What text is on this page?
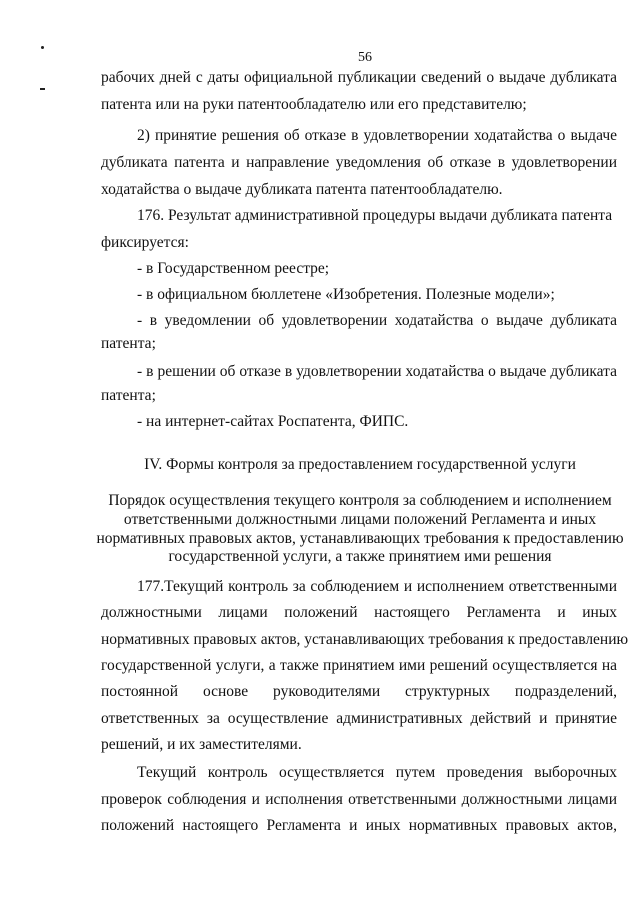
56
рабочих дней с даты официальной публикации сведений о выдаче дубликата
патента или на руки патентообладателю или его представителю;
2) принятие решения об отказе в удовлетворении ходатайства о выдаче
дубликата патента и направление уведомления об отказе в удовлетворении
ходатайства о выдаче дубликата патента патентообладателю.
176. Результат административной процедуры выдачи дубликата патента
фиксируется:
- в Государственном реестре;
- в официальном бюллетене «Изобретения. Полезные модели»;
- в уведомлении об удовлетворении ходатайства о выдаче дубликата
патента;
- в решении об отказе в удовлетворении ходатайства о выдаче дубликата
патента;
- на интернет-сайтах Роспатента, ФИПС.
IV. Формы контроля за предоставлением государственной услуги
Порядок осуществления текущего контроля за соблюдением и исполнением
ответственными должностными лицами положений Регламента и иных
нормативных правовых актов, устанавливающих требования к предоставлению
государственной услуги, а также принятием ими решения
177.Текущий контроль за соблюдением и исполнением ответственными
должностными лицами положений настоящего Регламента и иных
нормативных правовых актов, устанавливающих требования к предоставлению
государственной услуги, а также принятием ими решений осуществляется на
постоянной основе руководителями структурных подразделений,
ответственных за осуществление административных действий и принятие
решений, и их заместителями.
Текущий контроль осуществляется путем проведения выборочных
проверок соблюдения и исполнения ответственными должностными лицами
положений настоящего Регламента и иных нормативных правовых актов,
